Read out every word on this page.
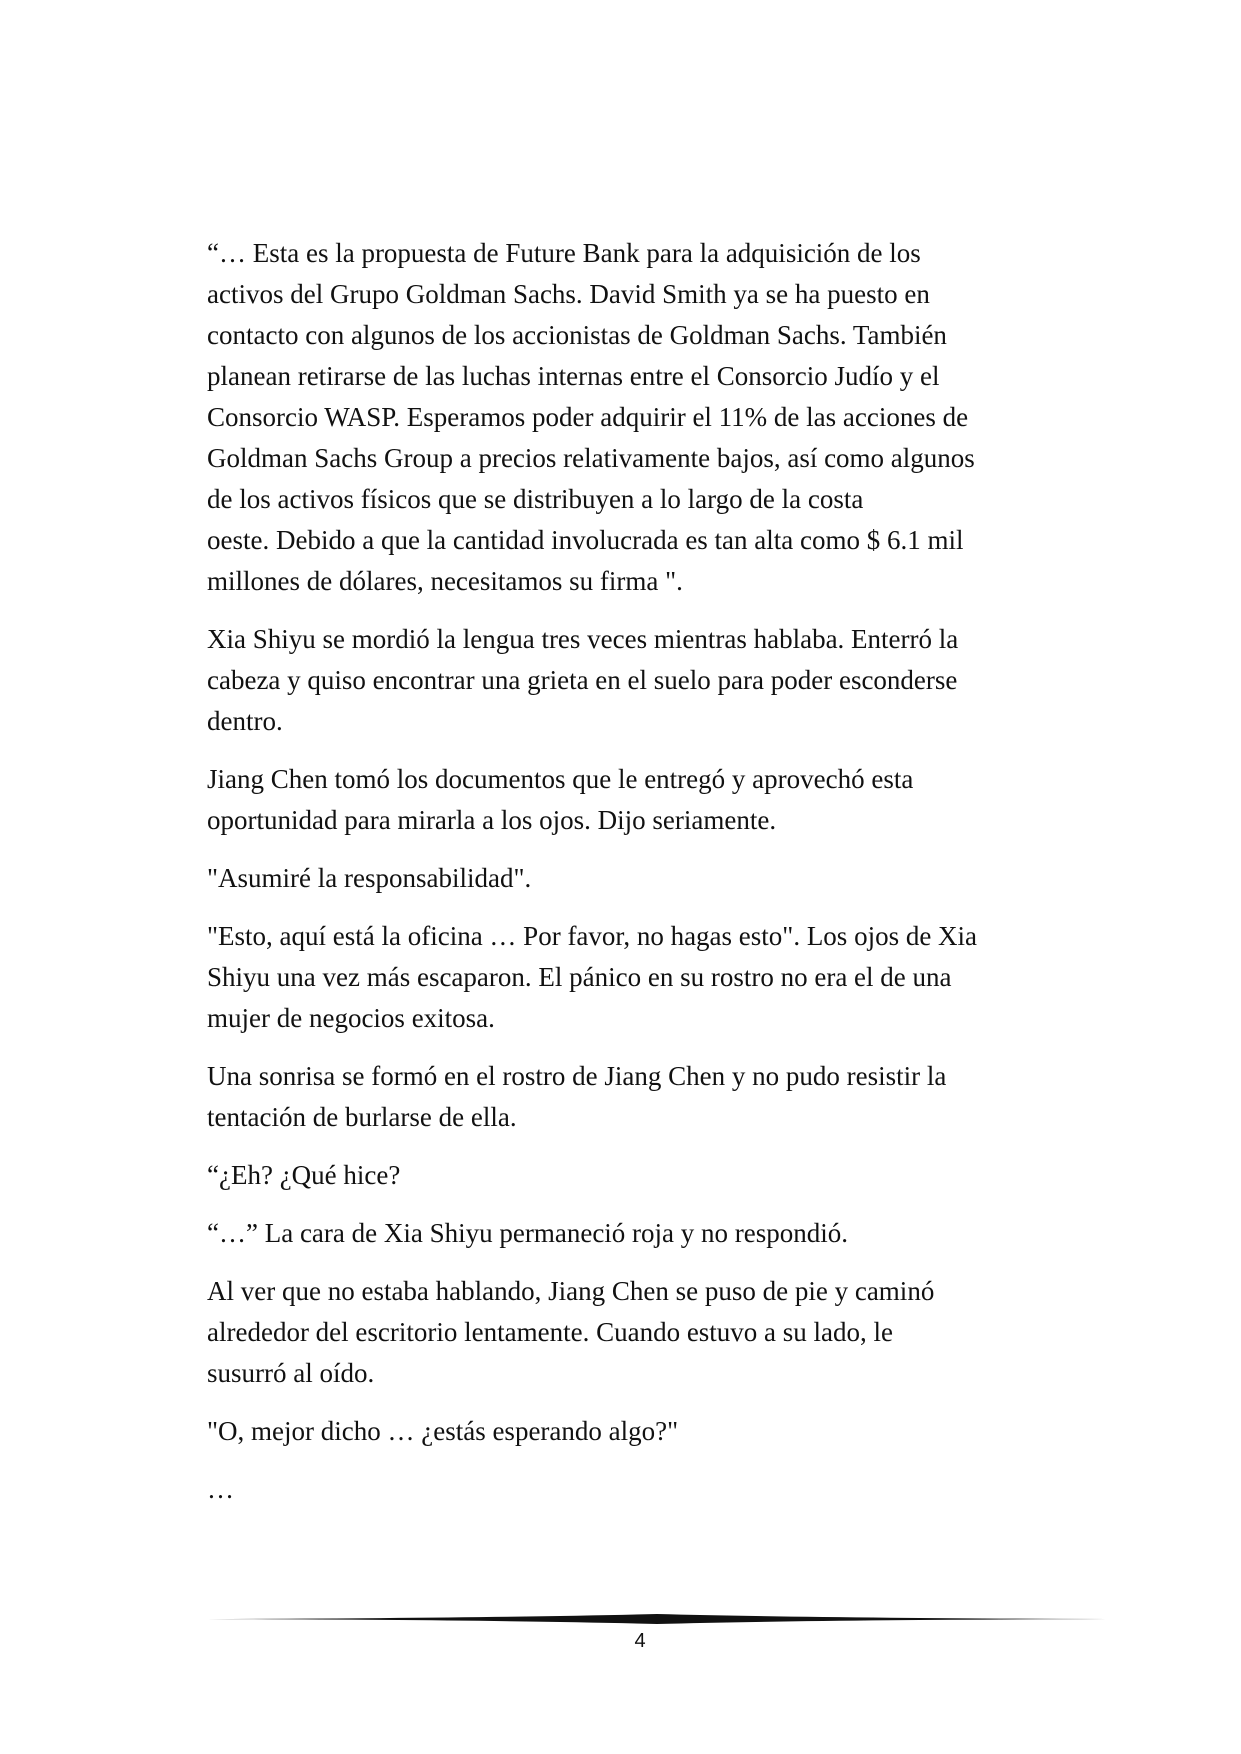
“… Esta es la propuesta de Future Bank para la adquisición de los
activos del Grupo Goldman Sachs. David Smith ya se ha puesto en
contacto con algunos de los accionistas de Goldman Sachs. También
planean retirarse de las luchas internas entre el Consorcio Judío y el
Consorcio WASP. Esperamos poder adquirir el 11% de las acciones de
Goldman Sachs Group a precios relativamente bajos, así como algunos
de los activos físicos que se distribuyen a lo largo de la costa
oeste. Debido a que la cantidad involucrada es tan alta como $ 6.1 mil
millones de dólares, necesitamos su firma ".

Xia Shiyu se mordió la lengua tres veces mientras hablaba. Enterró la
cabeza y quiso encontrar una grieta en el suelo para poder esconderse
dentro.

Jiang Chen tomó los documentos que le entregó y aprovechó esta
oportunidad para mirarla a los ojos. Dijo seriamente.

"Asumiré la responsabilidad".

"Esto, aquí está la oficina … Por favor, no hagas esto". Los ojos de Xia
Shiyu una vez más escaparon. El pánico en su rostro no era el de una
mujer de negocios exitosa.

Una sonrisa se formó en el rostro de Jiang Chen y no pudo resistir la
tentación de burlarse de ella.

“¿Eh? ¿Qué hice?

“…” La cara de Xia Shiyu permaneció roja y no respondió.

Al ver que no estaba hablando, Jiang Chen se puso de pie y caminó
alrededor del escritorio lentamente. Cuando estuvo a su lado, le
susurró al oído.

"O, mejor dicho … ¿estás esperando algo?"

…

4
